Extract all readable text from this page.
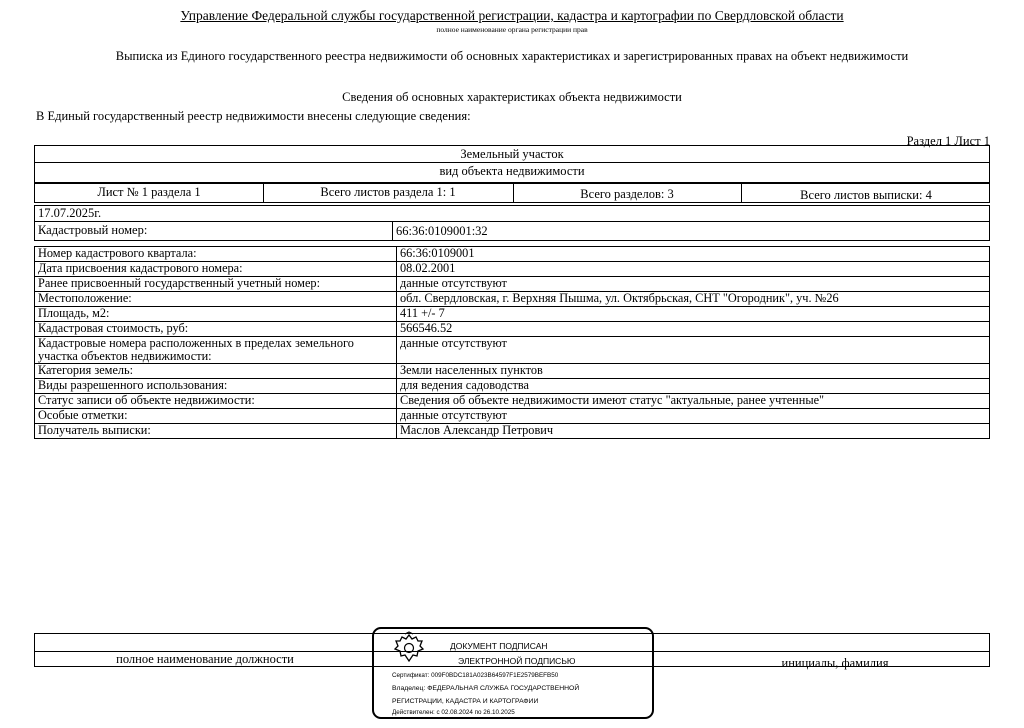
Управление Федеральной службы государственной регистрации, кадастра и картографии по Свердловской области
полное наименование органа регистрации прав
Выписка из Единого государственного реестра недвижимости об основных характеристиках и зарегистрированных правах на объект недвижимости
Сведения об основных характеристиках объекта недвижимости
В Единый государственный реестр недвижимости внесены следующие сведения:
Раздел 1 Лист 1
Земельный участок
вид объекта недвижимости
Лист № 1 раздела 1	Всего листов раздела 1: 1	Всего разделов: 3	Всего листов выписки: 4
17.07.2025г.
Кадастровый номер:	66:36:0109001:32
Номер кадастрового квартала:	66:36:0109001
Дата присвоения кадастрового номера:	08.02.2001
Ранее присвоенный государственный учетный номер:	данные отсутствуют
Местоположение:	обл. Свердловская, г. Верхняя Пышма, ул. Октябрьская, СНТ "Огородник", уч. №26
Площадь, м2:	411 +/- 7
Кадастровая стоимость, руб:	566546.52
Кадастровые номера расположенных в пределах земельного участка объектов недвижимости:	данные отсутствуют
Категория земель:	Земли населенных пунктов
Виды разрешенного использования:	для ведения садоводства
Статус записи об объекте недвижимости:	Сведения об объекте недвижимости имеют статус "актуальные, ранее учтенные"
Особые отметки:	данные отсутствуют
Получатель выписки:	Маслов Александр Петрович
полное наименование должности	инициалы, фамилия
ДОКУМЕНТ ПОДПИСАН
ЭЛЕКТРОННОЙ ПОДПИСЬЮ
Сертификат: 009F0BDC181A023B64597F1E2579BEFB50
Владелец: ФЕДЕРАЛЬНАЯ СЛУЖБА ГОСУДАРСТВЕННОЙ
РЕГИСТРАЦИИ, КАДАСТРА И КАРТОГРАФИИ
Действителен: с 02.08.2024 по 26.10.2025
